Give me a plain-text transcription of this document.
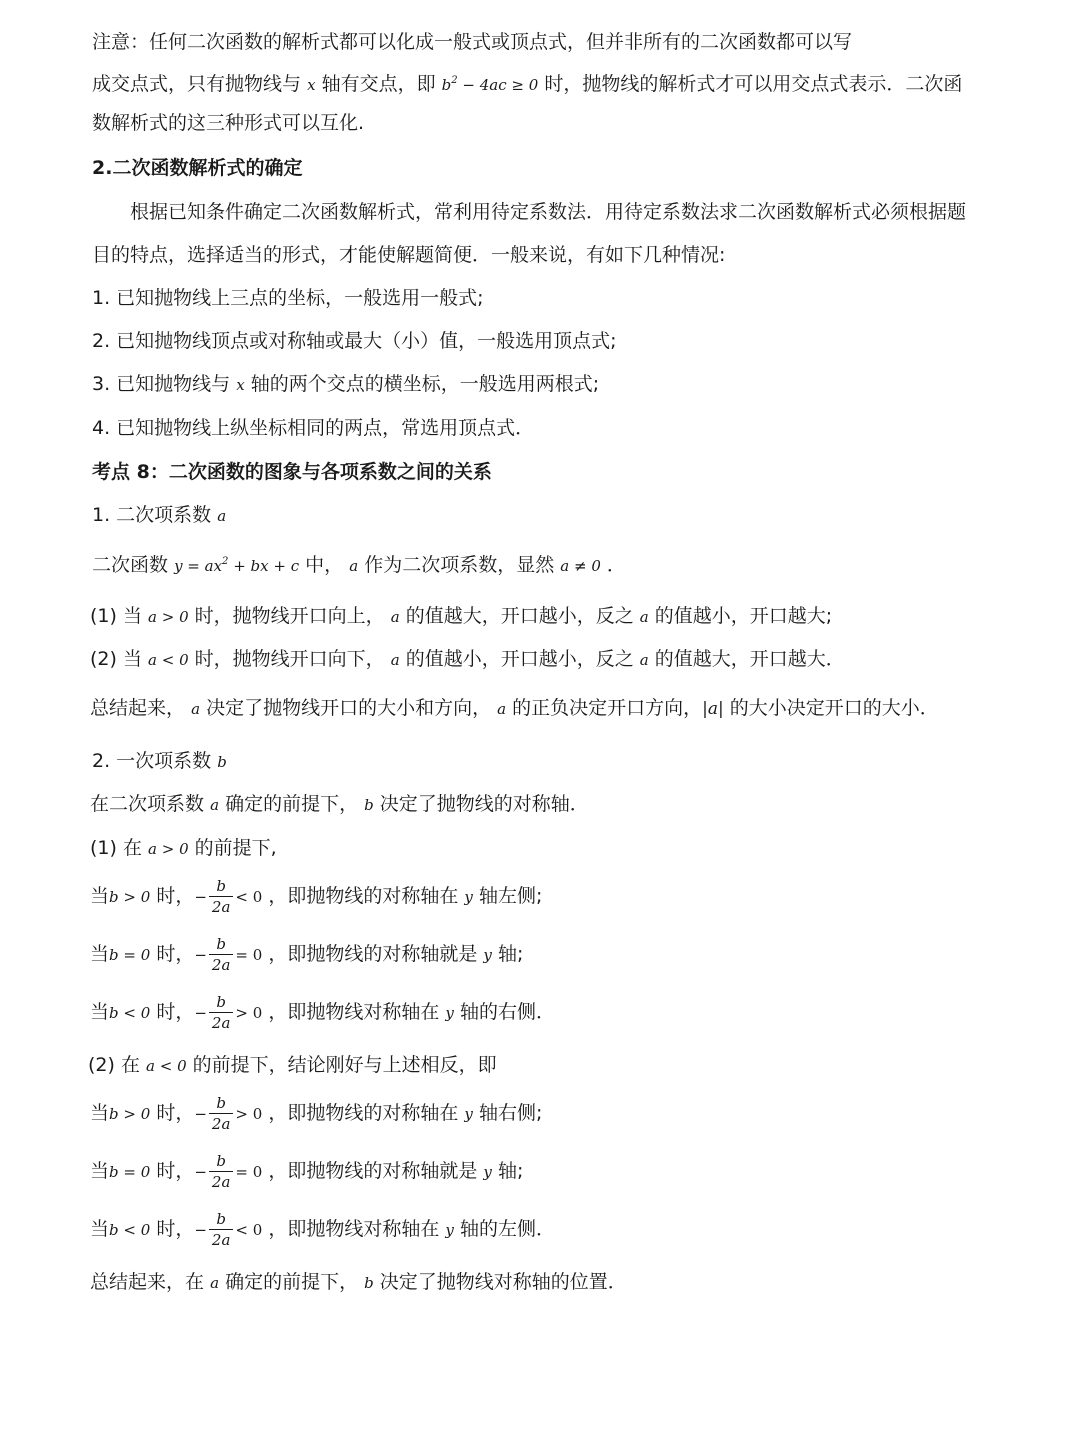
注意：任何二次函数的解析式都可以化成一般式或顶点式，但并非所有的二次函数都可以写
成交点式，只有抛物线与 x 轴有交点，即 $b^2 - 4ac \ge 0$ 时，抛物线的解析式才可以用交点式表示．二次函
数解析式的这三种形式可以互化.
2.二次函数解析式的确定
根据已知条件确定二次函数解析式，常利用待定系数法．用待定系数法求二次函数解析式必须根据题
目的特点，选择适当的形式，才能使解题简便．一般来说，有如下几种情况:
1. 已知抛物线上三点的坐标，一般选用一般式;
2. 已知抛物线顶点或对称轴或最大（小）值，一般选用顶点式;
3. 已知抛物线与 x 轴的两个交点的横坐标，一般选用两根式;
4. 已知抛物线上纵坐标相同的两点，常选用顶点式．
考点 8：二次函数的图象与各项系数之间的关系
1. 二次项系数 a
二次函数 $y = ax^2$ + bx + c 中， a 作为二次项系数，显然 a ≠ 0 ．
(1) 当 a > 0 时，抛物线开口向上， a 的值越大，开口越小，反之 a 的值越小，开口越大;
(2) 当 a < 0 时，抛物线开口向下， a 的值越小，开口越小，反之 a 的值越大，开口越大．
总结起来， a 决定了抛物线开口的大小和方向， a 的正负决定开口方向，|a| 的大小决定开口的大小．
2. 一次项系数 b
在二次项系数 a 确定的前提下， b 决定了抛物线的对称轴．
(1) 在 a > 0 的前提下,
当b > 0 时，− $\frac{b}{2a} < 0$ ，即抛物线的对称轴在 y 轴左侧;
当b = 0 时，− $\frac{b}{2a} = 0$ ，即抛物线的对称轴就是 y 轴;
当b < 0 时，− $\frac{b}{2a} > 0$ ，即抛物线对称轴在 y 轴的右侧．
(2) 在 a < 0 的前提下，结论刚好与上述相反，即
当b > 0 时，− $\frac{b}{2a} > 0$ ，即抛物线的对称轴在 y 轴右侧;
当b = 0 时，− $\frac{b}{2a} = 0$ ，即抛物线的对称轴就是 y 轴;
当b < 0 时，− $\frac{b}{2a} < 0$ ，即抛物线对称轴在 y 轴的左侧．
总结起来，在 a 确定的前提下， b 决定了抛物线对称轴的位置．
